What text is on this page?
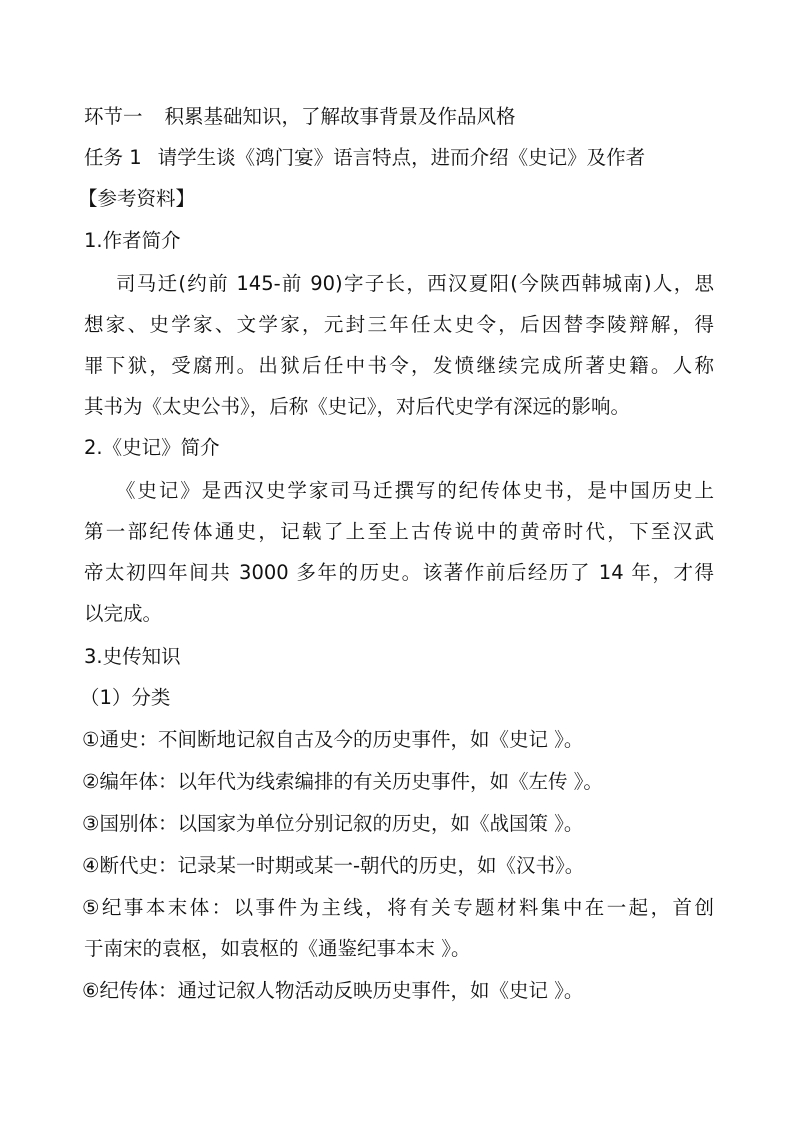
环节一 积累基础知识，了解故事背景及作品风格
任务 1 请学生谈《鸿门宴》语言特点，进而介绍《史记》及作者
【参考资料】
1.作者简介
司马迁(约前 145-前 90)字子长，西汉夏阳(今陕西韩城南)人，思
想家、史学家、文学家，元封三年任太史令，后因替李陵辩解，得
罪下狱，受腐刑。出狱后任中书令，发愤继续完成所著史籍。人称
其书为《太史公书》，后称《史记》，对后代史学有深远的影响。
2.《史记》简介
《史记》是西汉史学家司马迁撰写的纪传体史书，是中国历史上
第一部纪传体通史，记载了上至上古传说中的黄帝时代，下至汉武
帝太初四年间共 3000 多年的历史。该著作前后经历了 14 年，才得
以完成。
3.史传知识
（1）分类
①通史：不间断地记叙自古及今的历史事件，如《史记 》。
②编年体：以年代为线索编排的有关历史事件，如《左传 》。
③国别体：以国家为单位分别记叙的历史，如《战国策 》。
④断代史：记录某一时期或某一-朝代的历史，如《汉书》。
⑤纪事本末体：以事件为主线，将有关专题材料集中在一起，首创
于南宋的袁枢，如袁枢的《通鉴纪事本末 》。
⑥纪传体：通过记叙人物活动反映历史事件，如《史记 》。
